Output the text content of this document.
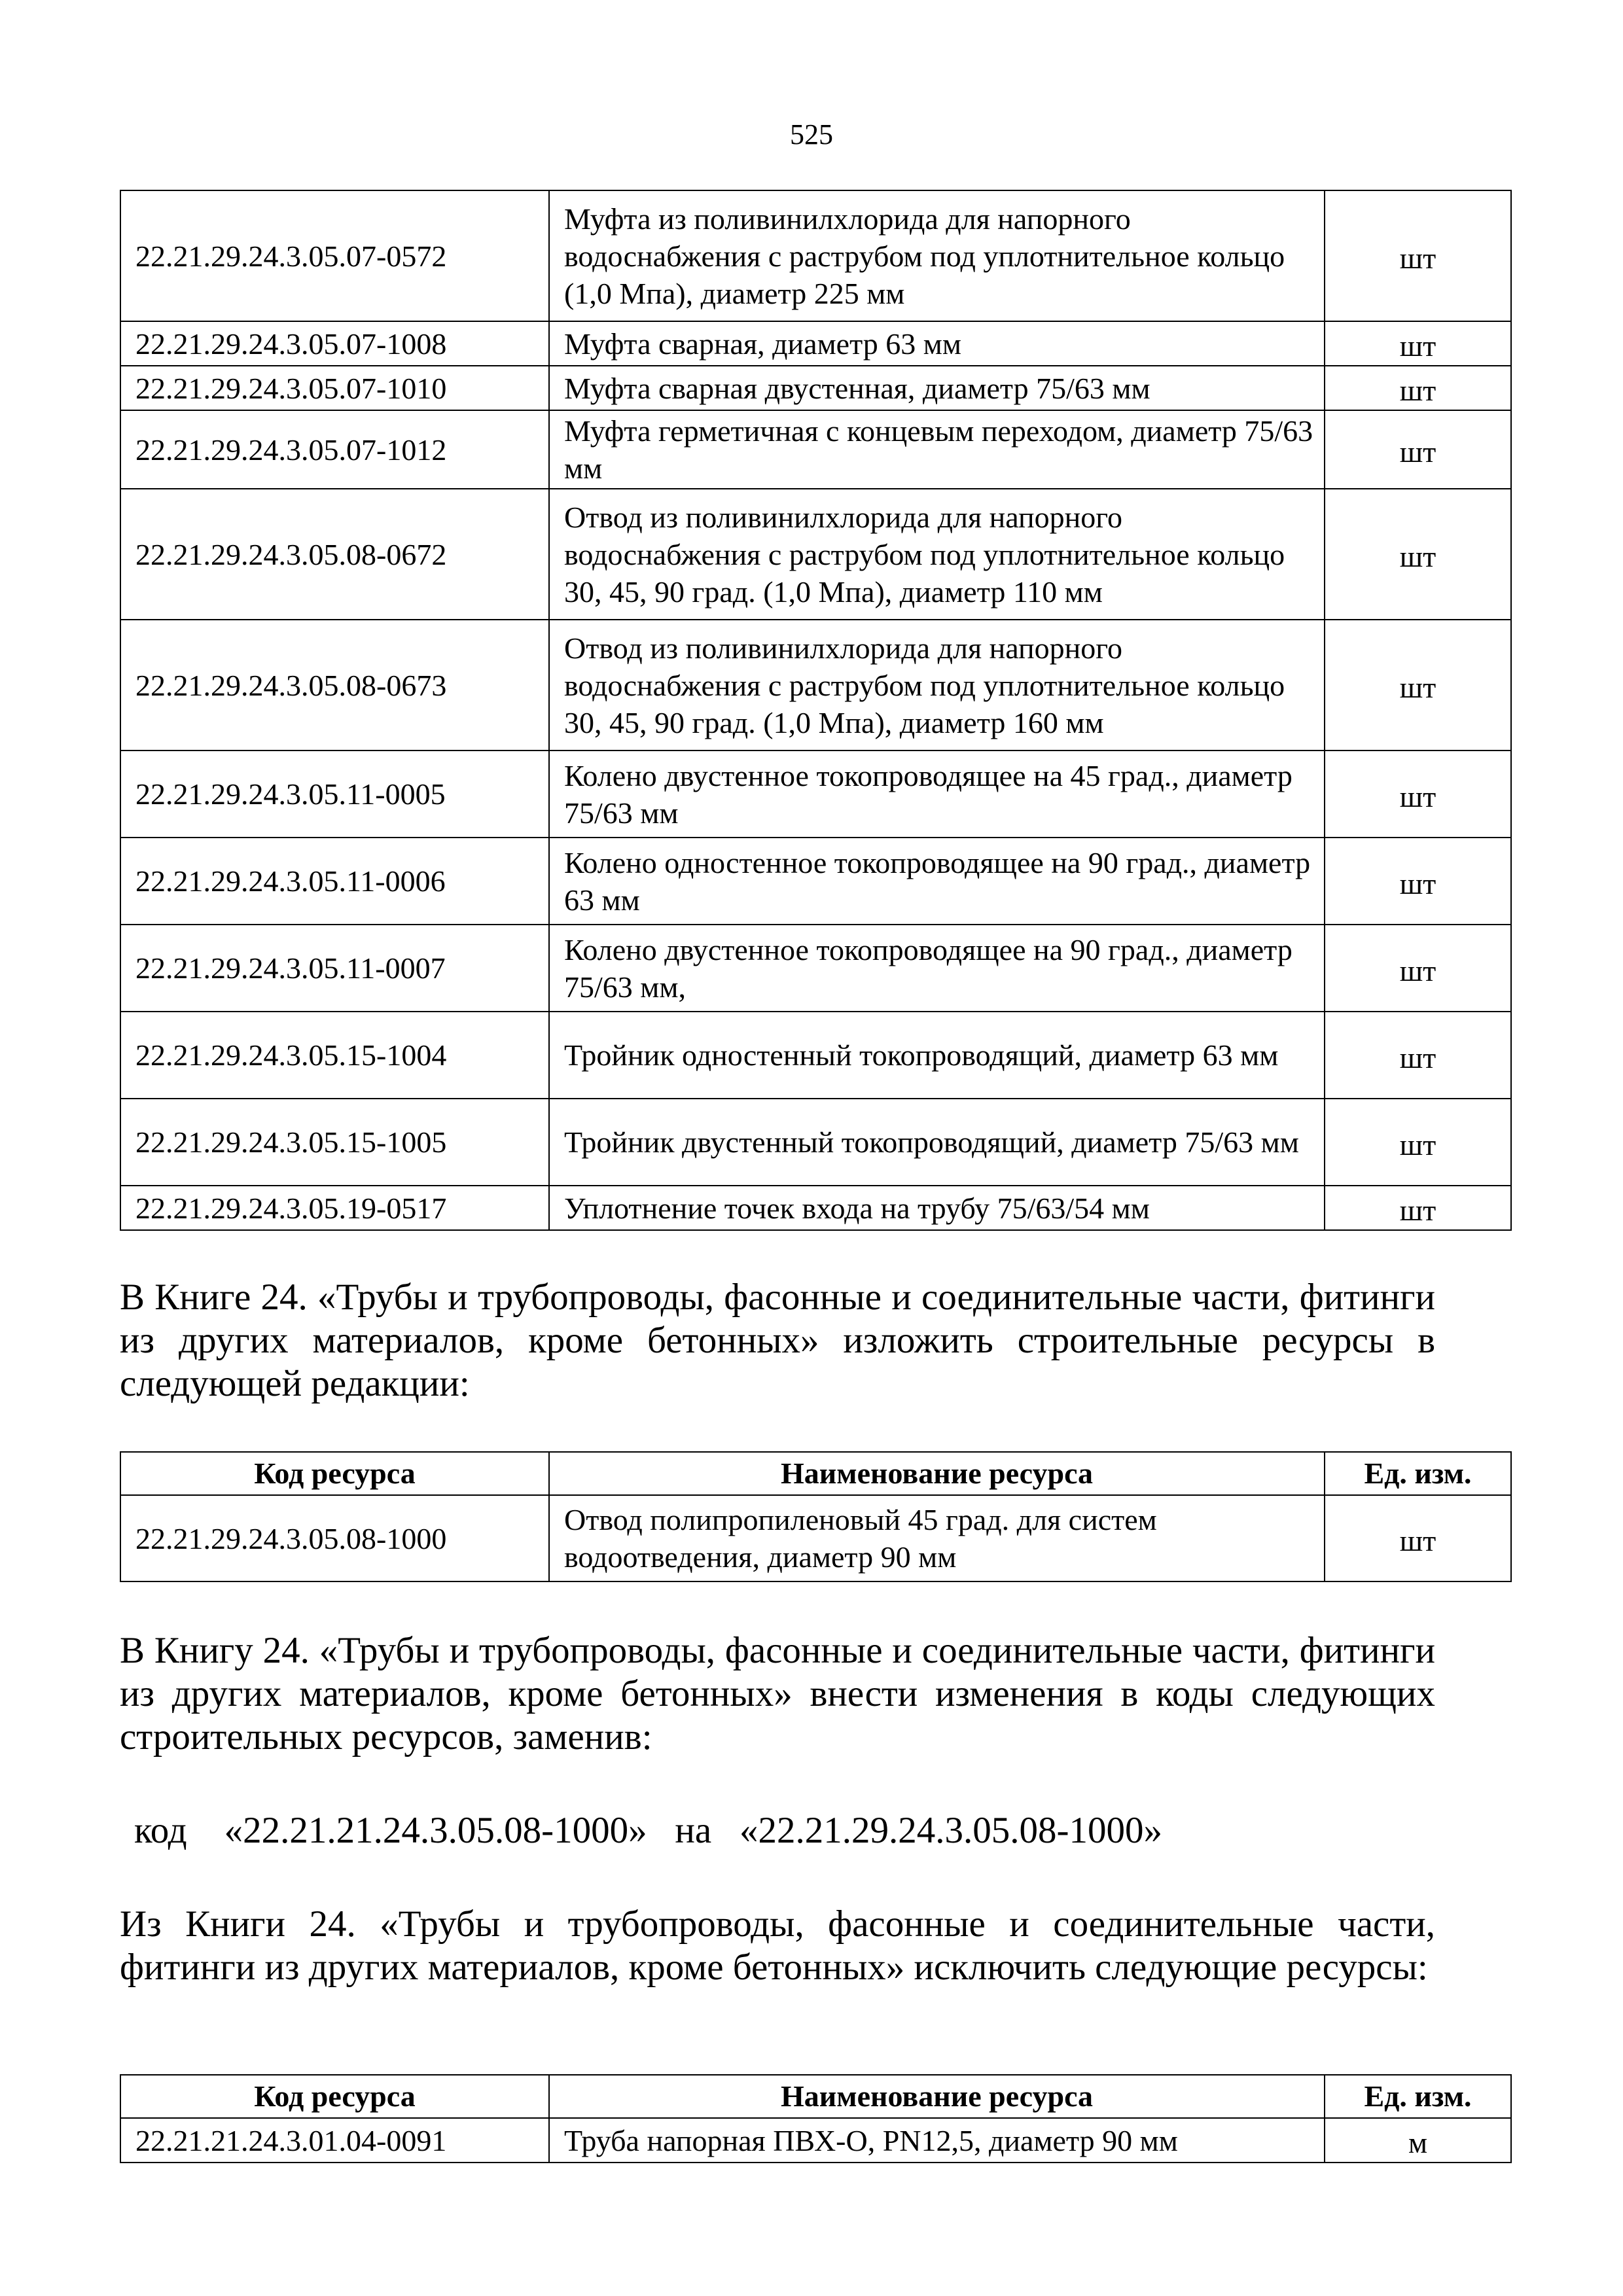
525
22.21.29.24.3.05.07-0572	Муфта из поливинилхлорида для напорного водоснабжения с раструбом под уплотнительное кольцо (1,0 Мпа), диаметр 225 мм	шт
22.21.29.24.3.05.07-1008	Муфта сварная, диаметр 63 мм	шт
22.21.29.24.3.05.07-1010	Муфта сварная двустенная, диаметр 75/63 мм	шт
22.21.29.24.3.05.07-1012	Муфта герметичная с концевым переходом, диаметр 75/63 мм	шт
22.21.29.24.3.05.08-0672	Отвод из поливинилхлорида для напорного водоснабжения с раструбом под уплотнительное кольцо 30, 45, 90 град. (1,0 Мпа), диаметр 110 мм	шт
22.21.29.24.3.05.08-0673	Отвод из поливинилхлорида для напорного водоснабжения с раструбом под уплотнительное кольцо 30, 45, 90 град. (1,0 Мпа), диаметр 160 мм	шт
22.21.29.24.3.05.11-0005	Колено двустенное токопроводящее на 45 град., диаметр 75/63 мм	шт
22.21.29.24.3.05.11-0006	Колено одностенное токопроводящее на 90 град., диаметр 63 мм	шт
22.21.29.24.3.05.11-0007	Колено двустенное токопроводящее на 90 град., диаметр 75/63 мм,	шт
22.21.29.24.3.05.15-1004	Тройник одностенный токопроводящий, диаметр 63 мм	шт
22.21.29.24.3.05.15-1005	Тройник двустенный токопроводящий, диаметр 75/63 мм	шт
22.21.29.24.3.05.19-0517	Уплотнение точек входа на трубу 75/63/54 мм	шт

В Книге 24. «Трубы и трубопроводы, фасонные и соединительные части, фитинги из других материалов, кроме бетонных» изложить строительные ресурсы в следующей редакции:

Код ресурса	Наименование ресурса	Ед. изм.
22.21.29.24.3.05.08-1000	Отвод полипропиленовый 45 град. для систем водоотведения, диаметр 90 мм	шт

В Книгу 24. «Трубы и трубопроводы, фасонные и соединительные части, фитинги из других материалов, кроме бетонных» внести изменения в коды следующих строительных ресурсов, заменив:

код «22.21.21.24.3.05.08-1000» на «22.21.29.24.3.05.08-1000»

Из Книги 24. «Трубы и трубопроводы, фасонные и соединительные части, фитинги из других материалов, кроме бетонных» исключить следующие ресурсы:

Код ресурса	Наименование ресурса	Ед. изм.
22.21.21.24.3.01.04-0091	Труба напорная ПВХ-О, PN12,5, диаметр 90 мм	м
